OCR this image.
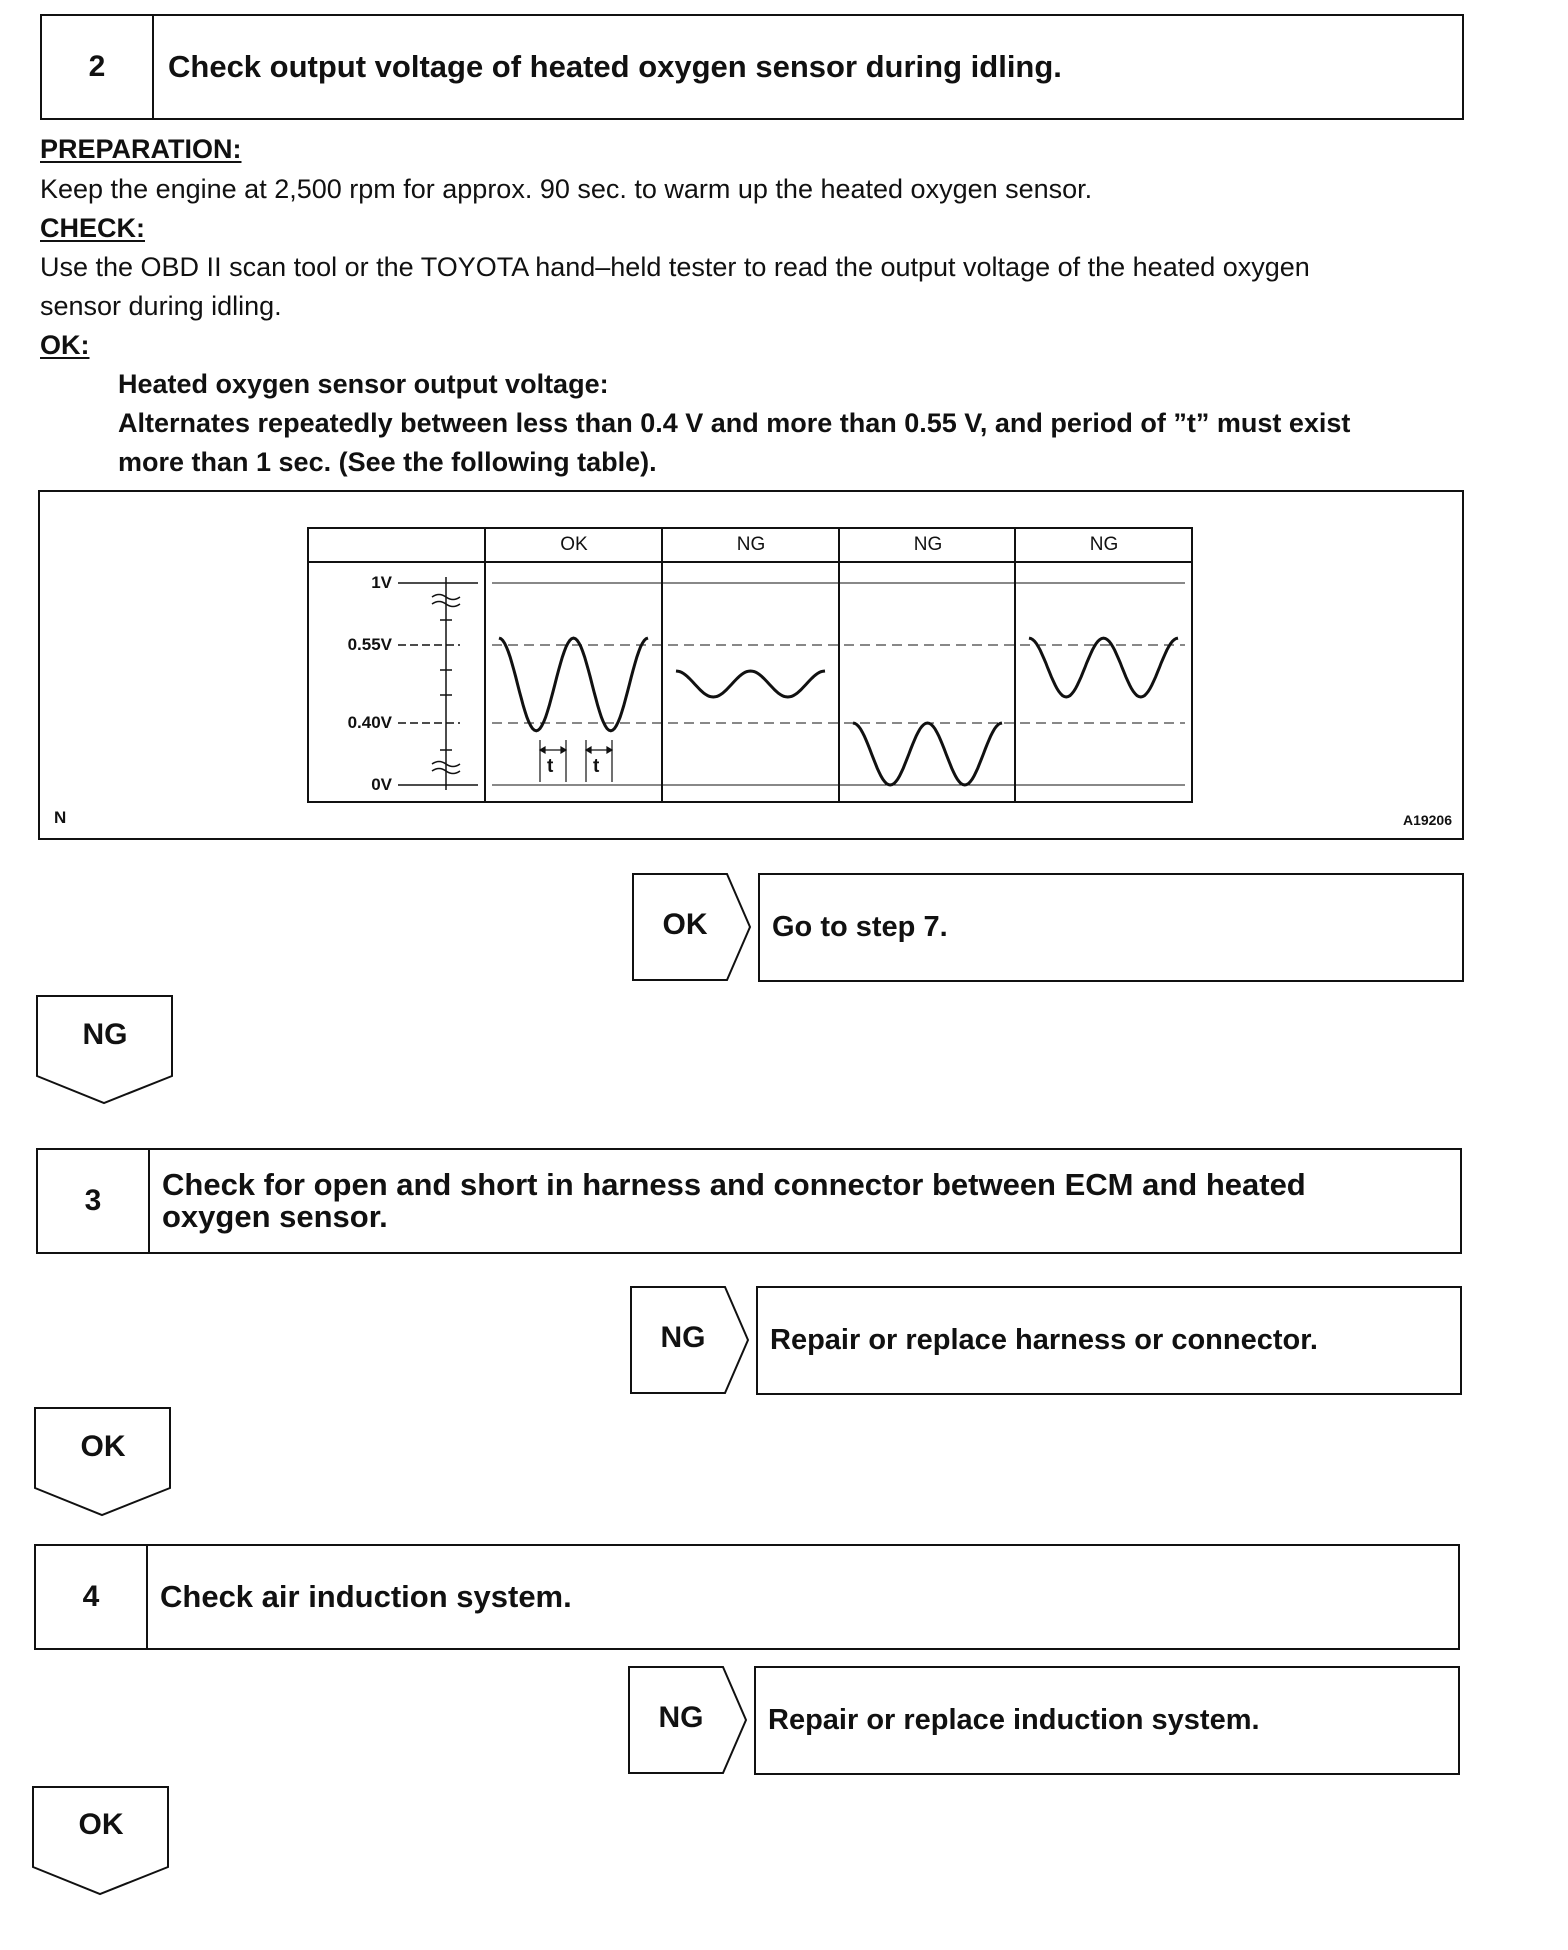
2	Check output voltage of heated oxygen sensor during idling.
PREPARATION:
Keep the engine at 2,500 rpm for approx. 90 sec. to warm up the heated oxygen sensor.
CHECK:
Use the OBD II scan tool or the TOYOTA hand–held tester to read the output voltage of the heated oxygen
sensor during idling.
OK:
Heated oxygen sensor output voltage:
Alternates repeatedly between less than 0.4 V and more than 0.55 V, and period of ”t” must exist
more than 1 sec. (See the following table).
N	A19206
OK	NG	NG	NG
1V
0.55V
0.40V
0V
t t
OK	Go to step 7.
NG
3	Check for open and short in harness and connector between ECM and heated
oxygen sensor.
NG	Repair or replace harness or connector.
OK
4	Check air induction system.
NG	Repair or replace induction system.
OK
